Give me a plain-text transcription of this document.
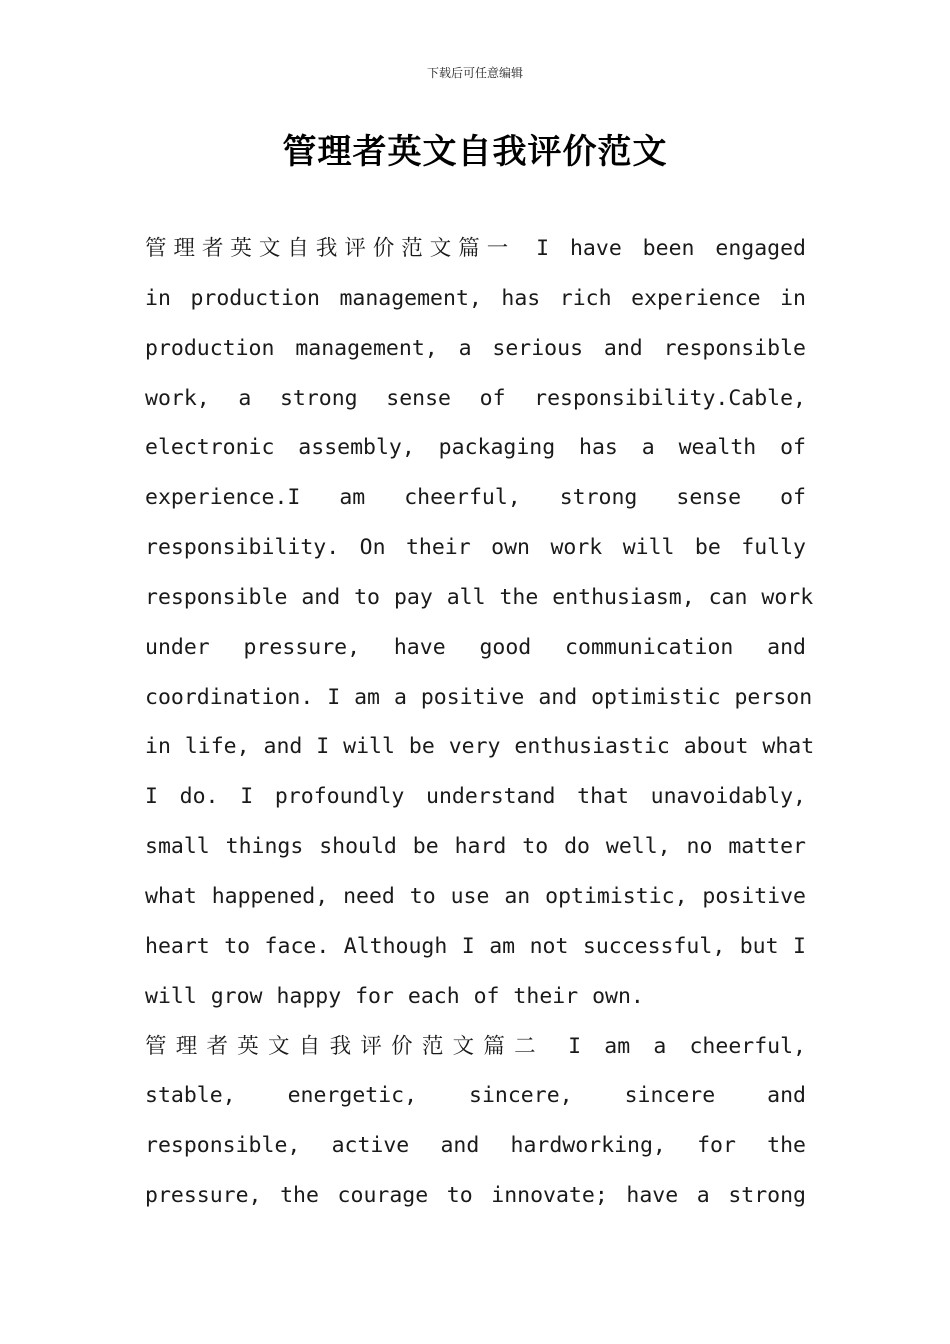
下载后可任意编辑
管理者英文自我评价范文
管理者英文自我评价范文篇一 I have been engaged
in production management, has rich experience in
production management, a serious and responsible
work, a strong sense of responsibility.Cable,
electronic assembly, packaging has a wealth of
experience.I am cheerful, strong sense of
responsibility. On their own work will be fully
responsible and to pay all the enthusiasm, can work
under pressure, have good communication and
coordination. I am a positive and optimistic person
in life, and I will be very enthusiastic about what
I do. I profoundly understand that unavoidably,
small things should be hard to do well, no matter
what happened, need to use an optimistic, positive
heart to face. Although I am not successful, but I
will grow happy for each of their own.
管理者英文自我评价范文篇二 I am a cheerful,
stable, energetic, sincere, sincere and
responsible, active and hardworking, for the
pressure, the courage to innovate; have a strong
